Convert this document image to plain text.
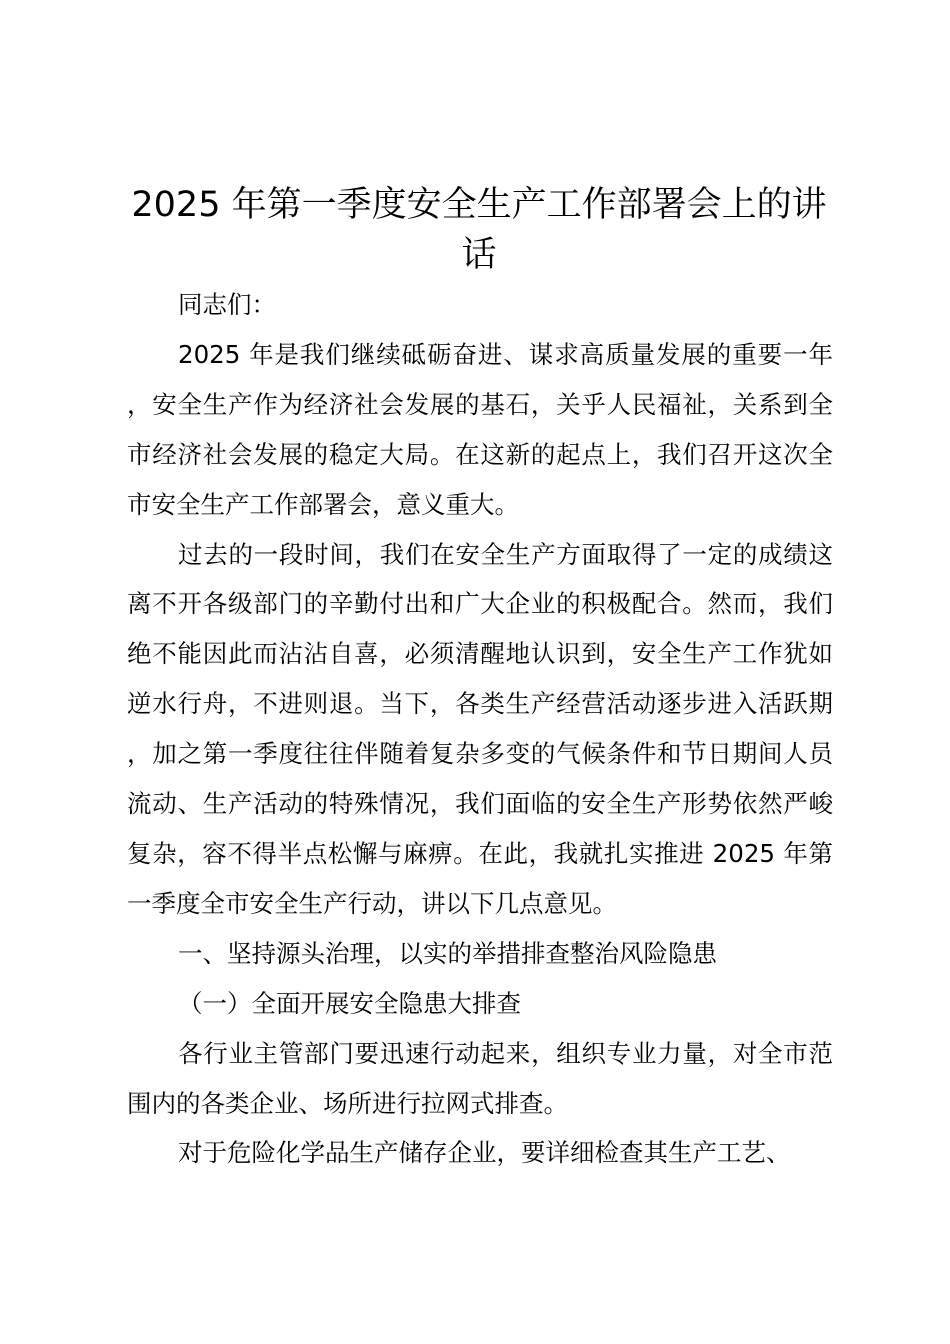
2025 年第一季度安全生产工作部署会上的讲话

同志们：

2025 年是我们继续砥砺奋进、谋求高质量发展的重要一年，安全生产作为经济社会发展的基石，关乎人民福祉，关系到全市经济社会发展的稳定大局。在这新的起点上，我们召开这次全市安全生产工作部署会，意义重大。

过去的一段时间，我们在安全生产方面取得了一定的成绩这离不开各级部门的辛勤付出和广大企业的积极配合。然而，我们绝不能因此而沾沾自喜，必须清醒地认识到，安全生产工作犹如逆水行舟，不进则退。当下，各类生产经营活动逐步进入活跃期，加之第一季度往往伴随着复杂多变的气候条件和节日期间人员流动、生产活动的特殊情况，我们面临的安全生产形势依然严峻复杂，容不得半点松懈与麻痹。在此，我就扎实推进 2025 年第一季度全市安全生产行动，讲以下几点意见。

一、坚持源头治理，以实的举措排查整治风险隐患

（一）全面开展安全隐患大排查

各行业主管部门要迅速行动起来，组织专业力量，对全市范围内的各类企业、场所进行拉网式排查。

对于危险化学品生产储存企业，要详细检查其生产工艺、
